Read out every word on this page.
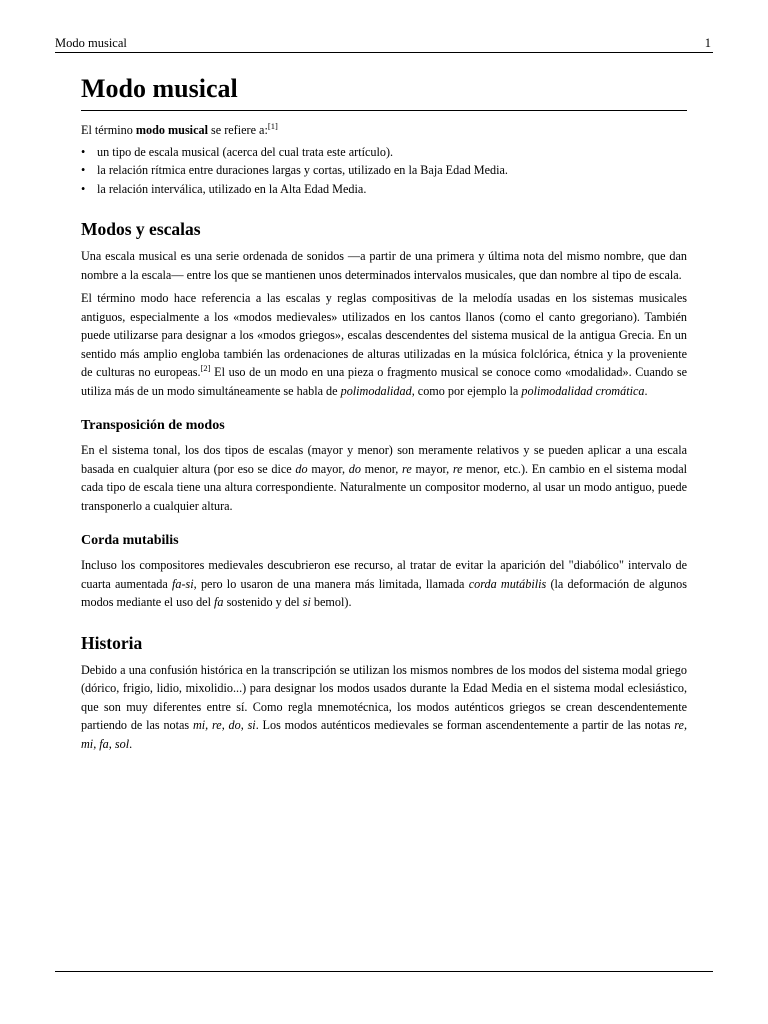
Modo musical	1
Modo musical

El término modo musical se refiere a:[1]

• un tipo de escala musical (acerca del cual trata este artículo).
• la relación rítmica entre duraciones largas y cortas, utilizado en la Baja Edad Media.
• la relación interválica, utilizado en la Alta Edad Media.
Modos y escalas

Una escala musical es una serie ordenada de sonidos —a partir de una primera y última nota del mismo nombre, que dan nombre a la escala— entre los que se mantienen unos determinados intervalos musicales, que dan nombre al tipo de escala.

El término modo hace referencia a las escalas y reglas compositivas de la melodía usadas en los sistemas musicales antiguos, especialmente a los «modos medievales» utilizados en los cantos llanos (como el canto gregoriano). También puede utilizarse para designar a los «modos griegos», escalas descendentes del sistema musical de la antigua Grecia. En un sentido más amplio engloba también las ordenaciones de alturas utilizadas en la música folclórica, étnica y la proveniente de culturas no europeas.[2] El uso de un modo en una pieza o fragmento musical se conoce como «modalidad». Cuando se utiliza más de un modo simultáneamente se habla de polimodalidad, como por ejemplo la polimodalidad cromática.

Transposición de modos

En el sistema tonal, los dos tipos de escalas (mayor y menor) son meramente relativos y se pueden aplicar a una escala basada en cualquier altura (por eso se dice do mayor, do menor, re mayor, re menor, etc.). En cambio en el sistema modal cada tipo de escala tiene una altura correspondiente. Naturalmente un compositor moderno, al usar un modo antiguo, puede transponerlo a cualquier altura.

Corda mutabilis

Incluso los compositores medievales descubrieron ese recurso, al tratar de evitar la aparición del "diabólico" intervalo de cuarta aumentada fa-si, pero lo usaron de una manera más limitada, llamada corda mutábilis (la deformación de algunos modos mediante el uso del fa sostenido y del si bemol).

Historia

Debido a una confusión histórica en la transcripción se utilizan los mismos nombres de los modos del sistema modal griego (dórico, frigio, lidio, mixolidio...) para designar los modos usados durante la Edad Media en el sistema modal eclesiástico, que son muy diferentes entre sí. Como regla mnemotécnica, los modos auténticos griegos se crean descendentemente partiendo de las notas mi, re, do, si. Los modos auténticos medievales se forman ascendentemente a partir de las notas re, mi, fa, sol.
